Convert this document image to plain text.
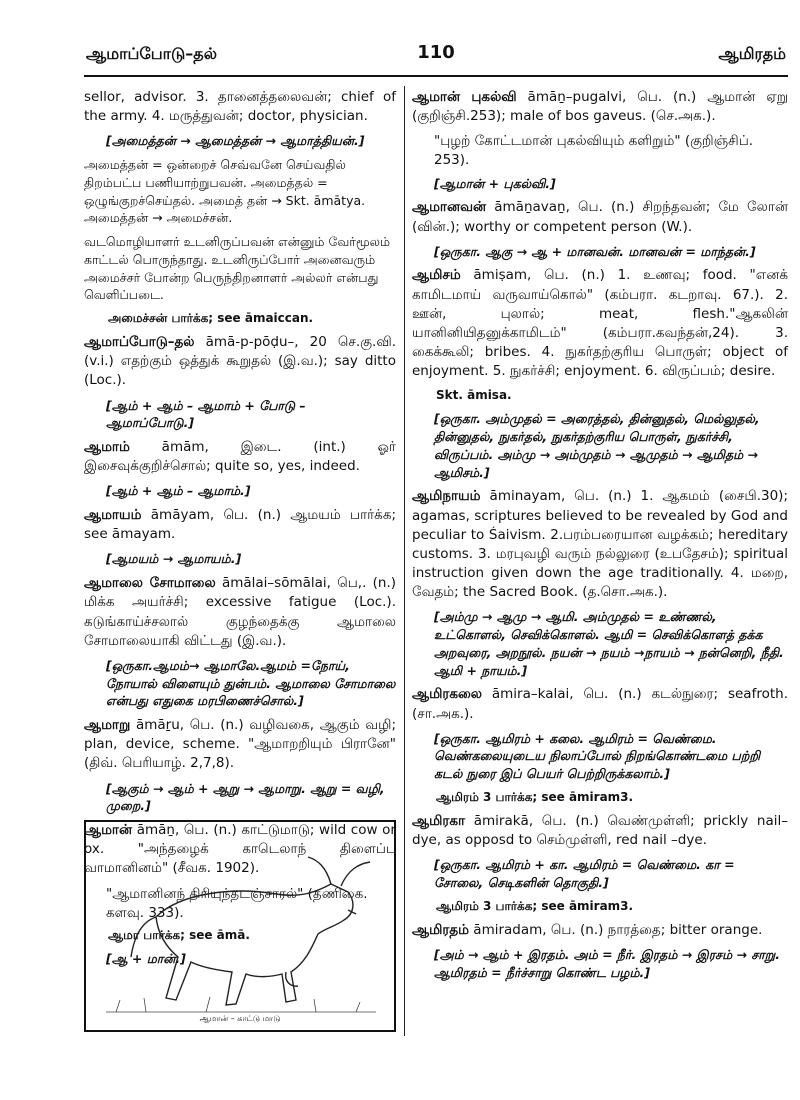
ஆமாப்போடு–தல்	110	ஆமிரதம்

sellor, advisor. 3. தானைத்தலைவன்; chief of the army. 4. மருத்துவன்; doctor, physician.

[அமைத்தன் → ஆமைத்தன் → ஆமாத்தியன்.]

அமைத்தன் = ஒன்றைச் செவ்வனே செய்வதில் திறம்பட்ப பணியாற்றுபவன். அமைத்தல் = ஒழுங்குறச்செய்தல். அமைத் தன் → Skt. āmātya. அமைத்தன் → அமைச்சன்.

வடமொழியாளர் உடனிருப்பவன் என்னும் வேர்மூலம் காட்டல் பொருந்தாது. உடனிருப்போர் அனைவரும் அமைச்சர் போன்ற பெருந்திறனாளர் அல்லர் என்பது வெளிப்படை.

அமைச்சன் பார்க்க; see āmaiccan.

ஆமாப்போடு–தல் āmā-p-pōḍu–, 20 செ.கு.வி. (v.i.) எதற்கும் ஒத்துக் கூறுதல் (இ.வ.); say ditto (Loc.).

[ஆம் + ஆம் – ஆமாம் + போடு – ஆமாப்போடு.]

ஆமாம் āmām, இடை. (int.) ஓர் இசைவுக்குறிச்சொல்; quite so, yes, indeed.

[ஆம் + ஆம் – ஆமாம்.]

ஆமாயம் āmāyam, பெ. (n.) ஆமயம் பார்க்க; see āmayam.

[ஆமயம் → ஆமாயம்.]

ஆமாலை சோமாலை āmālai–sōmālai, பெ,. (n.) மிக்க அயர்ச்சி; excessive fatigue (Loc.). கடுங்காய்ச்சலால் குழந்தைக்கு ஆமாலை சோமாலையாகி விட்டது (இ.வ.).

[ஒருகா.ஆமம்→ ஆமாலே.ஆமம் =நோய், நோயால் விளையும் துன்பம். ஆமாலை சோமாலை என்பது எதுகை மரபிணைச்சொல்.]

ஆமாறு āmāṟu, பெ. (n.) வழிவகை, ஆகும் வழி; plan, device, scheme. "ஆமாறறியும் பிரானே" (திவ். பெரியாழ். 2,7,8).

[ஆகும் → ஆம் + ஆறு → ஆமாறு. ஆறு = வழி, முறை.]

ஆமான் āmāṉ, பெ. (n.) காட்டுமாடு; wild cow or ox. "அந்தழைக் காடெலாந் திளைப்ப வாமானினம்" (சீவக. 1902).

"ஆமானினந் திரியுந்தடஞ்சாரல்" (தணிகை. களவு. 333).

ஆமா பார்க்க; see āmā.

[ஆ + மான்.]

ஆமான் – காட்டு மாடு

ஆமான் புகல்வி āmāṉ–pugalvi, பெ. (n.) ஆமான் ஏறு (குறிஞ்சி.253); male of bos gaveus. (செ.அக.).

"புழற் கோட்டமான் புகல்வியும் களிறும்" (குறிஞ்சிப். 253).

[ஆமான் + புகல்வி.]

ஆமானவன் āmāṉavaṉ, பெ. (n.) சிறந்தவன்; மே லோன் (வின்.); worthy or competent person (W.).

[ஒருகா. ஆகு → ஆ + மானவன். மானவன் = மாந்தன்.]

ஆமிசம் āmiṣam, பெ. (n.) 1. உணவு; food. "எனக் காமிடமாய் வருவாய்கொல்" (கம்பரா. கடறாவு. 67.). 2. ஊன், புலால்; meat, flesh."ஆகலின் யானினியிதனுக்காமிடம்" (கம்பரா.கவந்தன்,24). 3. கைக்கூலி; bribes. 4. நுகர்தற்குரிய பொருள்; object of enjoyment. 5. நுகர்ச்சி; enjoyment. 6. விருப்பம்; desire.

Skt. āmisa.

[ஒருகா. அம்முதல் = அரைத்தல், தின்னுதல், மெல்லுதல், தின்னுதல், நுகர்தல், நுகர்தற்குரிய பொருள், நுகர்ச்சி, விருப்பம். அம்மு → அம்முதம் → ஆமுதம் → ஆமிதம் → ஆமிசம்.]

ஆமிநாயம் āminayam, பெ. (n.) 1. ஆகமம் (சைபி.30); agamas, scriptures believed to be revealed by God and peculiar to Śaivism. 2.பரம்பரையான வழக்கம்; hereditary customs. 3. மரபுவழி வரும் நல்லுரை (உபதேசம்); spiritual instruction given down the age traditionally. 4. மறை, வேதம்; the Sacred Book. (த.சொ.அக.).

[அம்மு → ஆமு → ஆமி. அம்முதல் = உண்ணல், உட்கொளல், செவிக்கொளல். ஆமி = செவிக்கொளத் தக்க அறவுரை, அறநூல். நயன் → நயம் →நாயம் → நன்னெறி, நீதி. ஆமி + நாயம்.]

ஆமிரகலை āmira–kalai, பெ. (n.) கடல்நுரை; seafroth. (சா.அக.).

[ஒருகா. ஆமிரம் + கலை. ஆமிரம் = வெண்மை. வெண்கலையுடைய நிலாப்போல் நிறங்கொண்டமை பற்றி கடல் நுரை இப் பெயர் பெற்றிருக்கலாம்.]

ஆமிரம் 3 பார்க்க; see āmiram3.

ஆமிரகா āmirakā, பெ. (n.) வெண்முள்ளி; prickly nail–dye, as opposd to செம்முள்ளி, red nail –dye.

[ஒருகா. ஆமிரம் + கா. ஆமிரம் = வெண்மை. கா = சோலை, செடிகளின் தொகுதி.]

ஆமிரம் 3 பார்க்க; see āmiram3.

ஆமிரதம் āmiradam, பெ. (n.) நாரத்தை; bitter orange.

[அம் → ஆம் + இரதம். அம் = நீர். இரதம் → இரசம் → சாறு. ஆமிரதம் = நீர்ச்சாறு கொண்ட பழம்.]
